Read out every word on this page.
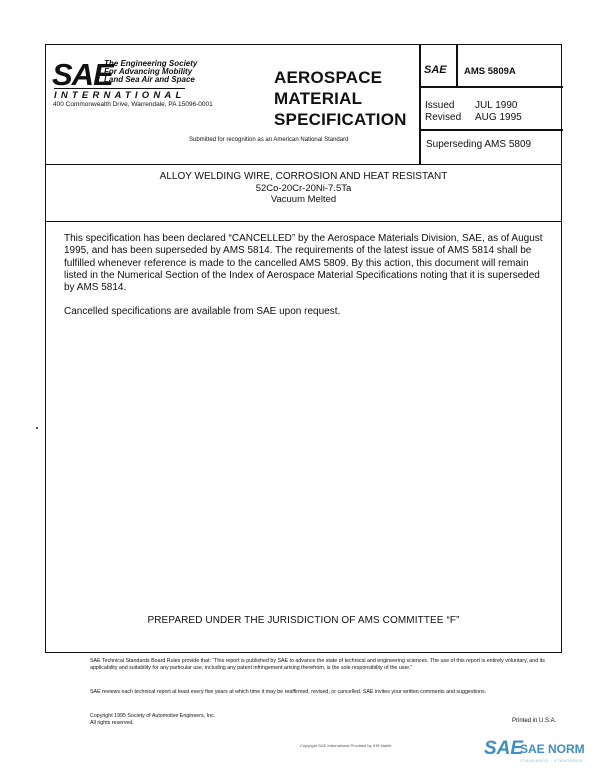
SAE
The Engineering Society
For Advancing Mobility
Land Sea Air and Space
INTERNATIONAL
400 Commonwealth Drive, Warrendale, PA 15096-0001
Submitted for recognition as an American National Standard
AEROSPACE
MATERIAL
SPECIFICATION
SAE AMS 5809A
Issued JUL 1990
Revised AUG 1995
Superseding AMS 5809
ALLOY WELDING WIRE, CORROSION AND HEAT RESISTANT
52Co-20Cr-20Ni-7.5Ta
Vacuum Melted

This specification has been declared “CANCELLED” by the Aerospace Materials Division, SAE, as of August 1995, and has been superseded by AMS 5814. The requirements of the latest issue of AMS 5814 shall be fulfilled whenever reference is made to the cancelled AMS 5809. By this action, this document will remain listed in the Numerical Section of the Index of Aerospace Material Specifications noting that it is superseded by AMS 5814.

Cancelled specifications are available from SAE upon request.

PREPARED UNDER THE JURISDICTION OF AMS COMMITTEE “F”
SAE Technical Standards Board Rules provide that: “This report is published by SAE to advance the state of technical and engineering sciences. The use of this report is entirely voluntary, and its applicability and suitability for any particular use, including any patent infringement arising therefrom, is the sole responsibility of the user.”
SAE reviews each technical report at least every five years at which time it may be reaffirmed, revised, or cancelled. SAE invites your written comments and suggestions.
Copyright 1995 Society of Automotive Engineers, Inc.
All rights reserved.	Printed in U.S.A.
Copyright SAE International Provided by IHS Markit	SAE
SAE NORM
STANDARDS · STANDARDS
